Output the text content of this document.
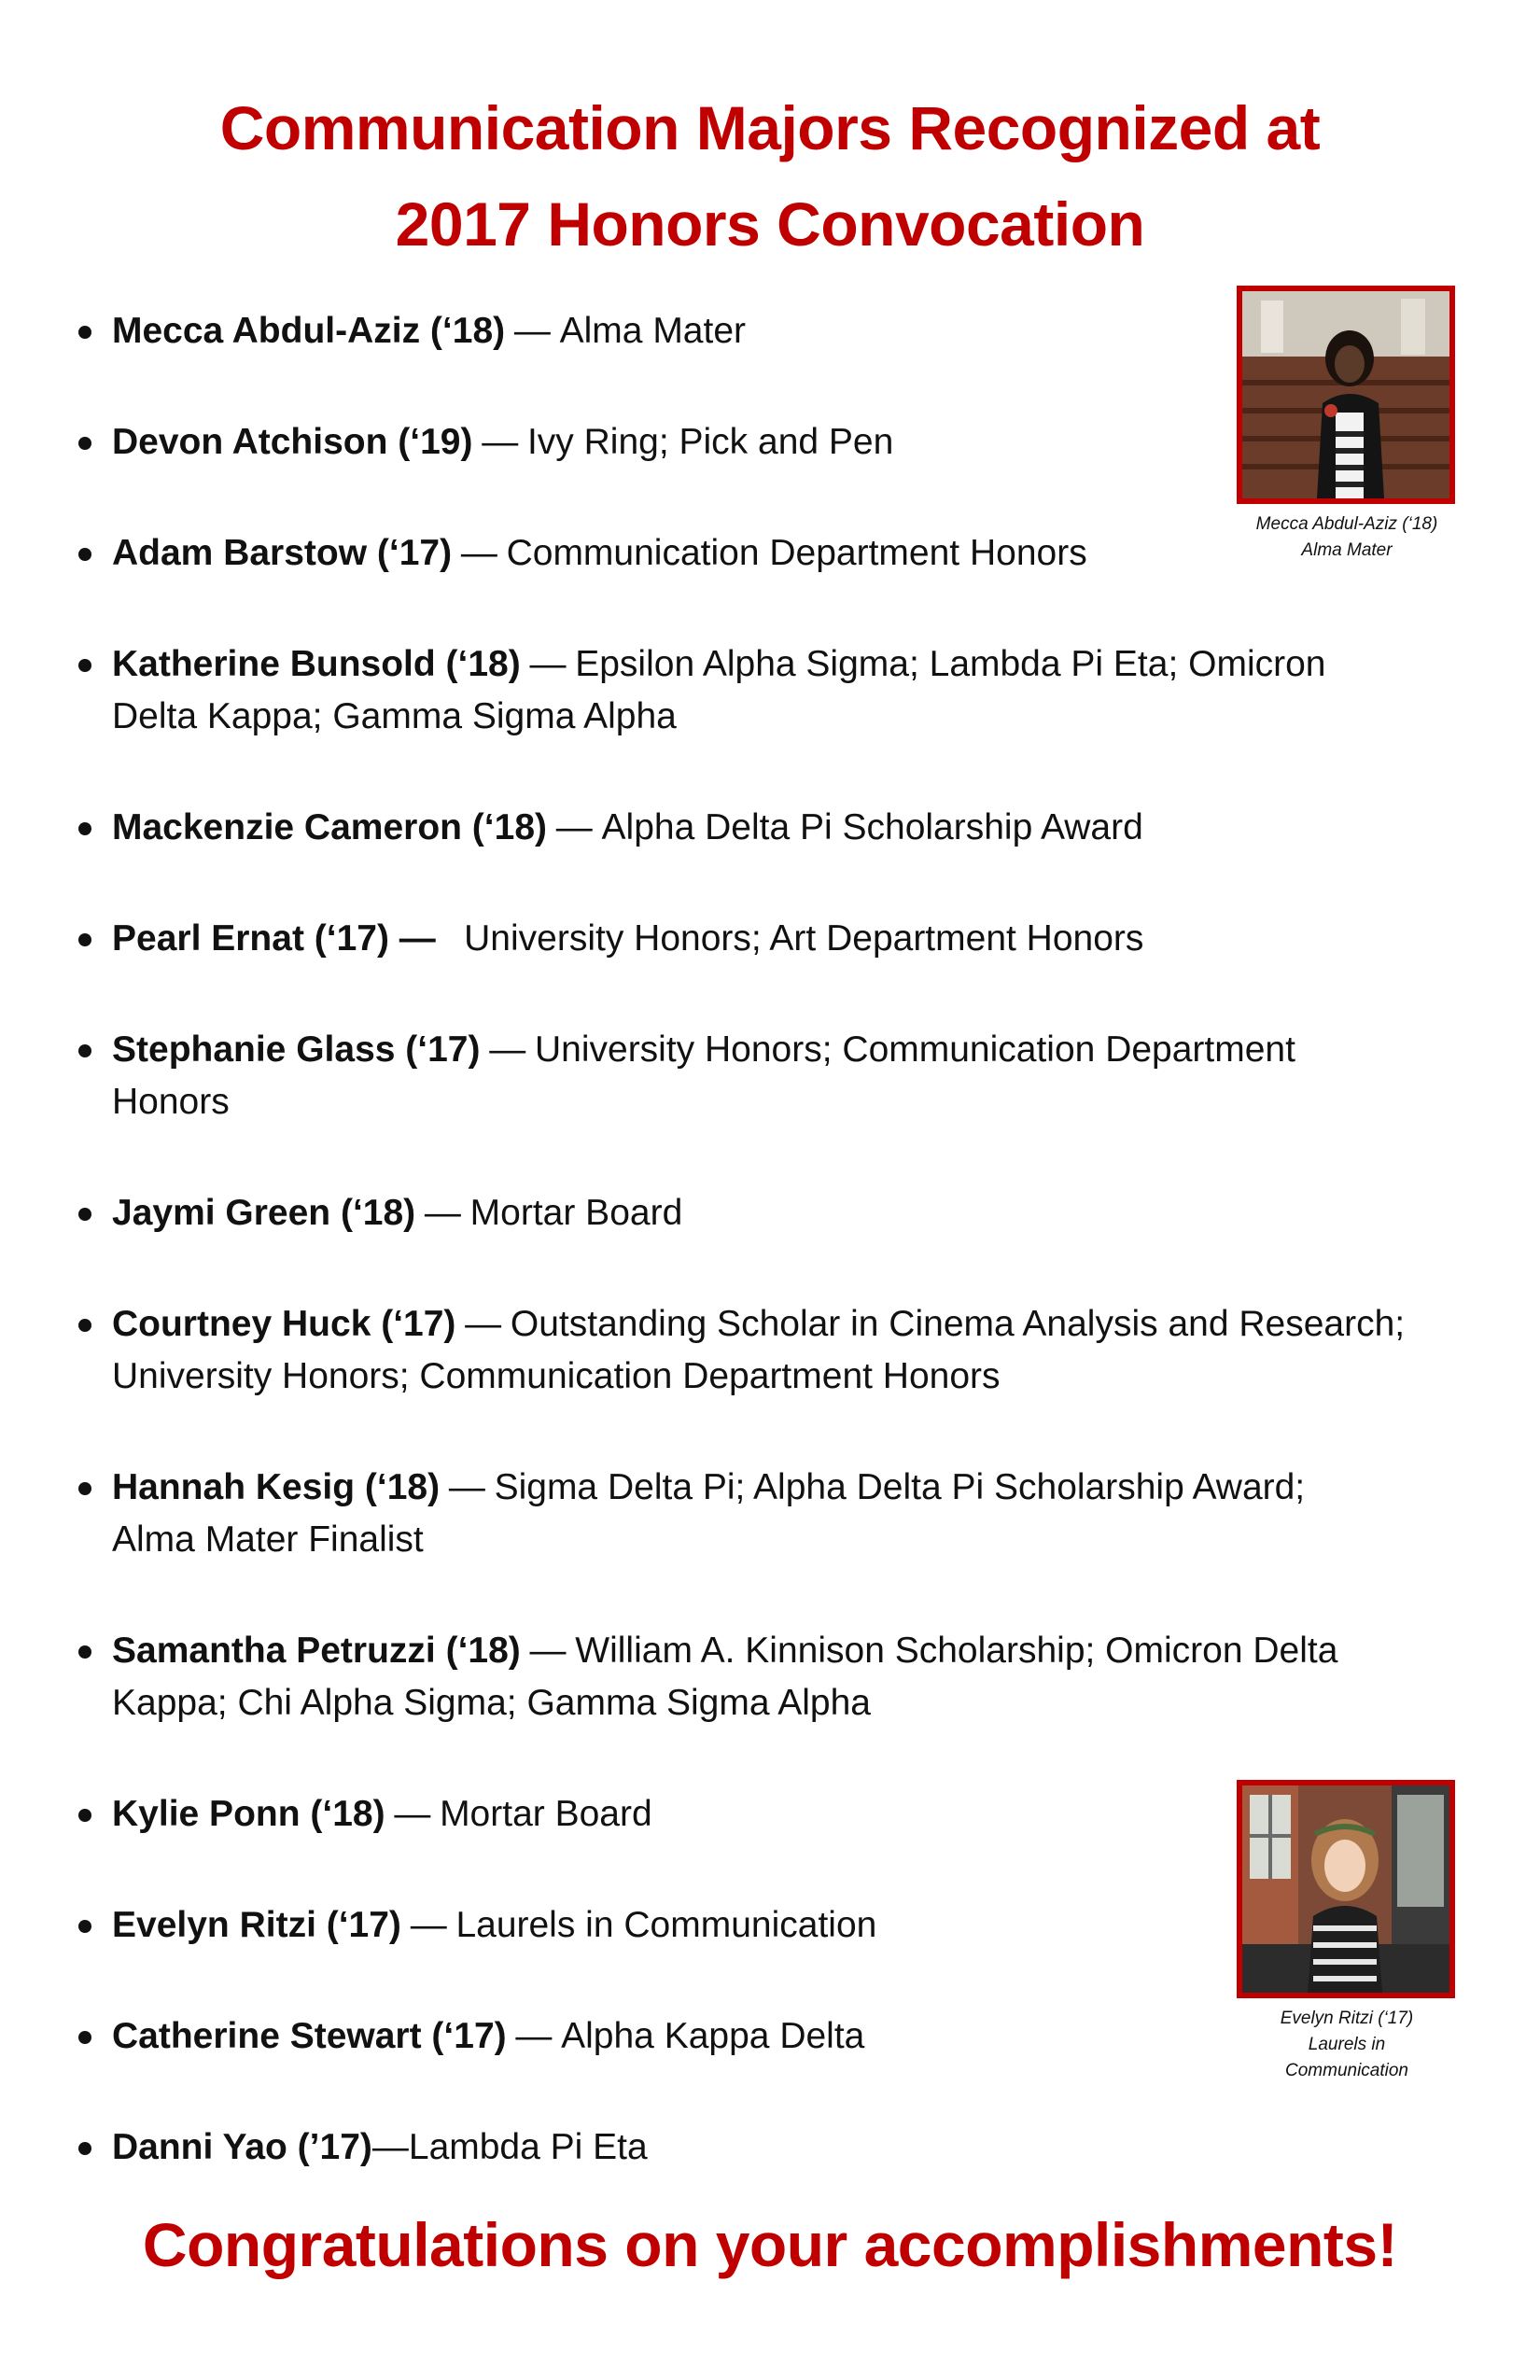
Communication Majors Recognized at
2017 Honors Convocation
Mecca Abdul-Aziz (‘18) — Alma Mater
Devon Atchison (‘19) — Ivy Ring; Pick and Pen
Adam Barstow (‘17) — Communication Department Honors
Katherine Bunsold (‘18) — Epsilon Alpha Sigma; Lambda Pi Eta; Omicron
Delta Kappa; Gamma Sigma Alpha
Mackenzie Cameron (‘18) — Alpha Delta Pi Scholarship Award
Pearl Ernat (‘17) — University Honors; Art Department Honors
Stephanie Glass (‘17) — University Honors; Communication Department
Honors
Jaymi Green (‘18) — Mortar Board
Courtney Huck (‘17) — Outstanding Scholar in Cinema Analysis and Research;
University Honors; Communication Department Honors
Hannah Kesig (‘18) — Sigma Delta Pi; Alpha Delta Pi Scholarship Award;
Alma Mater Finalist
Samantha Petruzzi (‘18) — William A. Kinnison Scholarship; Omicron Delta
Kappa; Chi Alpha Sigma; Gamma Sigma Alpha
Kylie Ponn (‘18) — Mortar Board
Evelyn Ritzi (‘17) — Laurels in Communication
Catherine Stewart (‘17) — Alpha Kappa Delta
Danni Yao (’17)—Lambda Pi Eta
Mecca Abdul-Aziz (‘18)
Alma Mater
Evelyn Ritzi (‘17)
Laurels in
Communication

Congratulations on your accomplishments!
